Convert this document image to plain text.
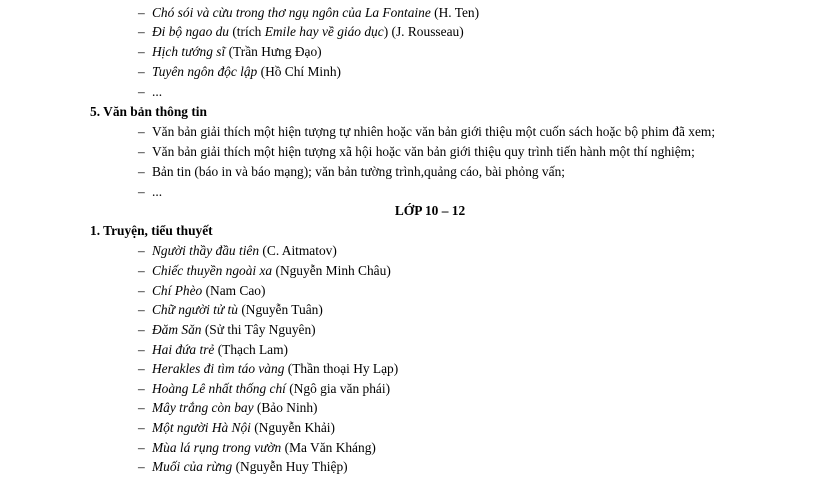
– Chó sói và cừu trong thơ ngụ ngôn của La Fontaine (H. Ten)
– Đi bộ ngao du (trích Emile hay về giáo dục) (J. Rousseau)
– Hịch tướng sĩ (Trần Hưng Đạo)
– Tuyên ngôn độc lập (Hồ Chí Minh)
– ...
5. Văn bản thông tin
– Văn bản giải thích một hiện tượng tự nhiên hoặc văn bản giới thiệu một cuốn sách hoặc bộ phim đã xem;
– Văn bản giải thích một hiện tượng xã hội hoặc văn bản giới thiệu quy trình tiến hành một thí nghiệm;
– Bản tin (báo in và báo mạng); văn bản tường trình,quảng cáo, bài phỏng vấn;
– ...
LỚP 10 – 12
1. Truyện, tiểu thuyết
– Người thầy đầu tiên (C. Aitmatov)
– Chiếc thuyền ngoài xa (Nguyễn Minh Châu)
– Chí Phèo (Nam Cao)
– Chữ người tử tù (Nguyễn Tuân)
– Đăm Săn (Sử thi Tây Nguyên)
– Hai đứa trẻ (Thạch Lam)
– Herakles đi tìm táo vàng (Thần thoại Hy Lạp)
– Hoàng Lê nhất thống chí (Ngô gia văn phái)
– Mây trắng còn bay (Bảo Ninh)
– Một người Hà Nội (Nguyễn Khải)
– Mùa lá rụng trong vườn (Ma Văn Kháng)
– Muối của rừng (Nguyễn Huy Thiệp)
